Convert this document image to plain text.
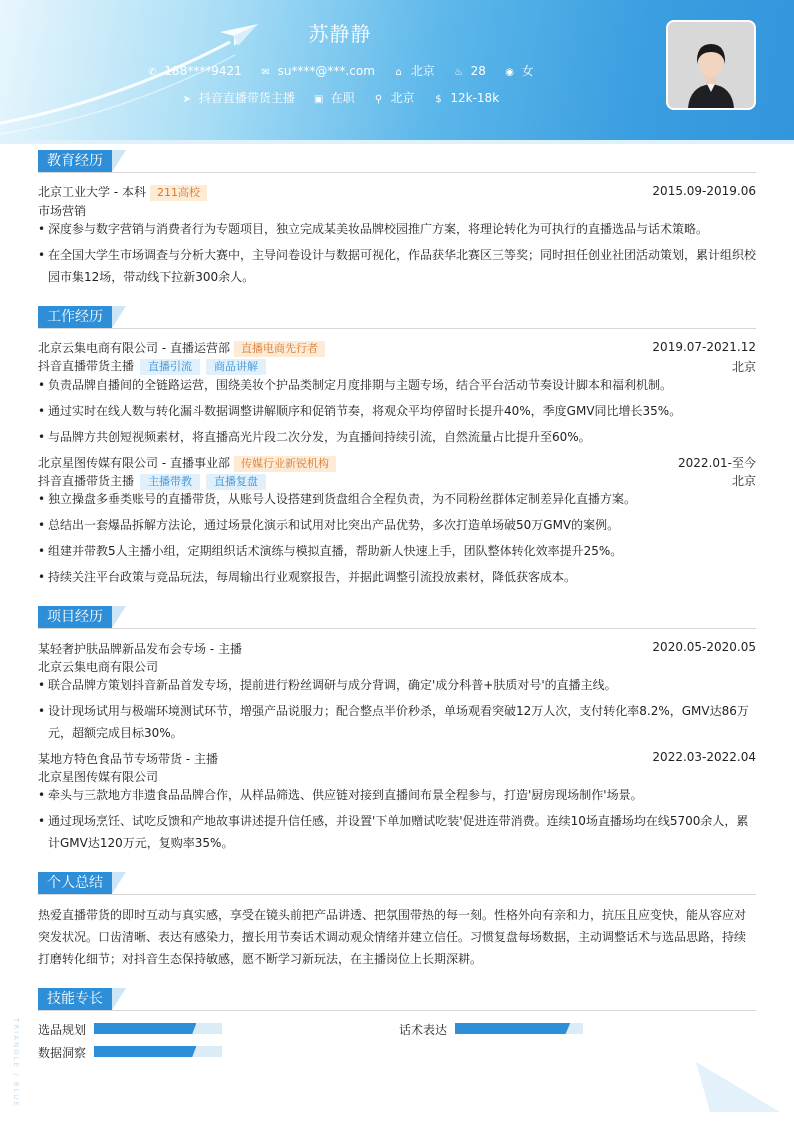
苏静静
✆ 188****9421 ✉ su****@***.com ⌂ 北京 ♨ 28 ◉ 女
➤ 抖音直播带货主播 ▣ 在职 ⚲ 北京 $ 12k-18k
教育经历
北京工业大学 - 本科 211高校	2015.09-2019.06
市场营销
• 深度参与数字营销与消费者行为专题项目，独立完成某美妆品牌校园推广方案，将理论转化为可执行的直播选品与话术策略。
• 在全国大学生市场调查与分析大赛中，主导问卷设计与数据可视化，作品获华北赛区三等奖；同时担任创业社团活动策划，累计组织校园市集12场，带动线下拉新300余人。
工作经历
北京云集电商有限公司 - 直播运营部 直播电商先行者	2019.07-2021.12
抖音直播带货主播 直播引流 商品讲解	北京
• 负责品牌自播间的全链路运营，围绕美妆个护品类制定月度排期与主题专场，结合平台活动节奏设计脚本和福利机制。
• 通过实时在线人数与转化漏斗数据调整讲解顺序和促销节奏，将观众平均停留时长提升40%，季度GMV同比增长35%。
• 与品牌方共创短视频素材，将直播高光片段二次分发，为直播间持续引流，自然流量占比提升至60%。
北京星图传媒有限公司 - 直播事业部 传媒行业新锐机构	2022.01-至今
抖音直播带货主播 主播带教 直播复盘	北京
• 独立操盘多垂类账号的直播带货，从账号人设搭建到货盘组合全程负责，为不同粉丝群体定制差异化直播方案。
• 总结出一套爆品拆解方法论，通过场景化演示和试用对比突出产品优势，多次打造单场破50万GMV的案例。
• 组建并带教5人主播小组，定期组织话术演练与模拟直播，帮助新人快速上手，团队整体转化效率提升25%。
• 持续关注平台政策与竞品玩法，每周输出行业观察报告，并据此调整引流投放素材，降低获客成本。
项目经历
某轻奢护肤品牌新品发布会专场 - 主播	2020.05-2020.05
北京云集电商有限公司
• 联合品牌方策划抖音新品首发专场，提前进行粉丝调研与成分背调，确定'成分科普+肤质对号'的直播主线。
• 设计现场试用与极端环境测试环节，增强产品说服力；配合整点半价秒杀，单场观看突破12万人次，支付转化率8.2%，GMV达86万元，超额完成目标30%。
某地方特色食品节专场带货 - 主播	2022.03-2022.04
北京星图传媒有限公司
• 牵头与三款地方非遗食品品牌合作，从样品筛选、供应链对接到直播间布景全程参与，打造'厨房现场制作'场景。
• 通过现场烹饪、试吃反馈和产地故事讲述提升信任感，并设置'下单加赠试吃装'促进连带消费。连续10场直播场均在线5700余人，累计GMV达120万元，复购率35%。
个人总结
热爱直播带货的即时互动与真实感，享受在镜头前把产品讲透、把氛围带热的每一刻。性格外向有亲和力，抗压且应变快，能从容应对突发状况。口齿清晰、表达有感染力，擅长用节奏话术调动观众情绪并建立信任。习惯复盘每场数据，主动调整话术与选品思路，持续打磨转化细节；对抖音生态保持敏感，愿不断学习新玩法，在主播岗位上长期深耕。
技能专长
选品规划	话术表达
数据洞察
TRIANGLE / BLUE
